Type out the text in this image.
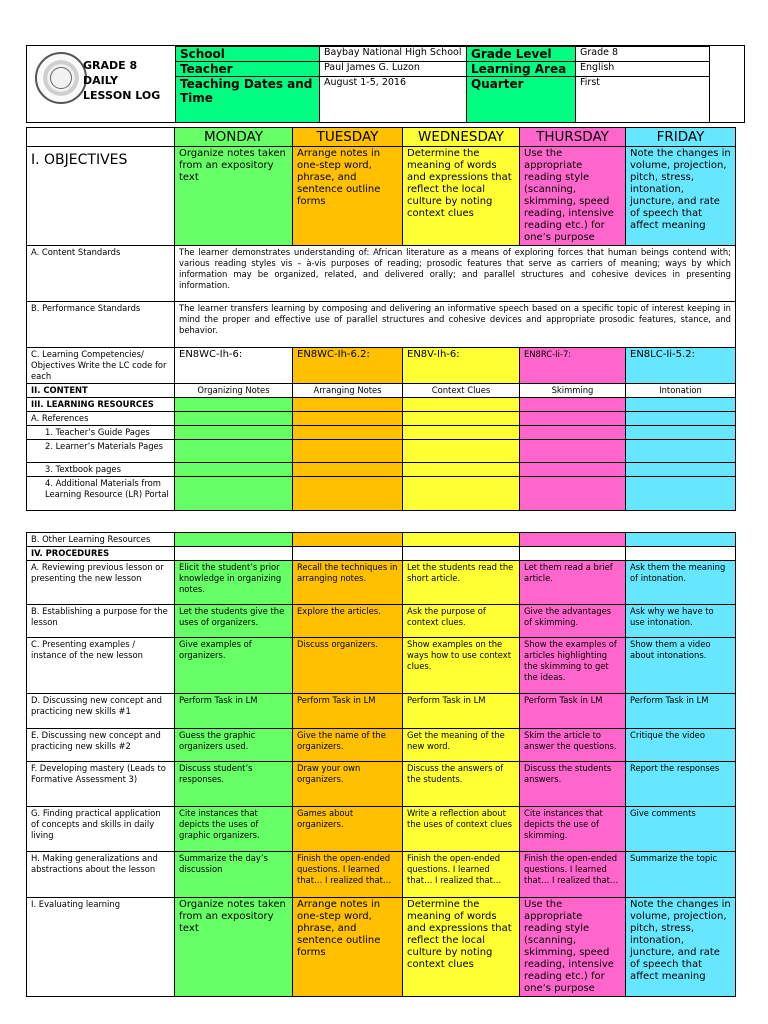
GRADE 8
DAILY
LESSON LOG
School	Baybay National High School	Grade Level	Grade 8
Teacher	Paul James G. Luzon	Learning Area	English
Teaching Dates and Time	August 1-5, 2016	Quarter	First
	MONDAY	TUESDAY	WEDNESDAY	THURSDAY	FRIDAY
I. OBJECTIVES	Organize notes taken from an expository text	Arrange notes in one-step word, phrase, and sentence outline forms	Determine the meaning of words and expressions that reflect the local culture by noting context clues	Use the appropriate reading style (scanning, skimming, speed reading, intensive reading etc.) for one’s purpose	Note the changes in volume, projection, pitch, stress, intonation, juncture, and rate of speech that affect meaning
A. Content Standards	The learner demonstrates understanding of: African literature as a means of exploring forces that human beings contend with; various reading styles vis – à-vis purposes of reading; prosodic features that serve as carriers of meaning; ways by which information may be organized, related, and delivered orally; and parallel structures and cohesive devices in presenting information.				
B. Performance Standards	The learner transfers learning by composing and delivering an informative speech based on a specific topic of interest keeping in mind the proper and effective use of parallel structures and cohesive devices and appropriate prosodic features, stance, and behavior.				
C. Learning Competencies/ Objectives Write the LC code for each	EN8WC-Ih-6:	EN8WC-Ih-6.2:	EN8V-Ih-6:	EN8RC-Ii-7:	EN8LC-Ii-5.2:
II. CONTENT	Organizing Notes	Arranging Notes	Context Clues	Skimming	Intonation
III. LEARNING RESOURCES					
A. References					
1. Teacher’s Guide Pages					
2. Learner’s Materials Pages					
3. Textbook pages					
4. Additional Materials from Learning Resource (LR) Portal					
B. Other Learning Resources					
IV. PROCEDURES					
A. Reviewing previous lesson or presenting the new lesson	Elicit the student’s prior knowledge in organizing notes.	Recall the techniques in arranging notes.	Let the students read the short article.	Let them read a brief article.	Ask them the meaning of intonation.
B. Establishing a purpose for the lesson	Let the students give the uses of organizers.	Explore the articles.	Ask the purpose of context clues.	Give the advantages of skimming.	Ask why we have to use intonation.
C. Presenting examples / instance of the new lesson	Give examples of organizers.	Discuss organizers.	Show examples on the ways how to use context clues.	Show the examples of articles highlighting the skimming to get the ideas.	Show them a video about intonations.
D. Discussing new concept and practicing new skills #1	Perform Task in LM	Perform Task in LM	Perform Task in LM	Perform Task in LM	Perform Task in LM
E. Discussing new concept and practicing new skills #2	Guess the graphic organizers used.	Give the name of the organizers.	Get the meaning of the new word.	Skim the article to answer the questions.	Critique the video
F. Developing mastery (Leads to Formative Assessment 3)	Discuss student’s responses.	Draw your own organizers.	Discuss the answers of the students.	Discuss the students answers.	Report the responses
G. Finding practical application of concepts and skills in daily living	Cite instances that depicts the uses of graphic organizers.	Games about organizers.	Write a reflection about the uses of context clues	Cite instances that depicts the use of skimming.	Give comments
H. Making generalizations and abstractions about the lesson	Summarize the day’s discussion	Finish the open-ended questions. I learned that… I realized that…	Finish the open-ended questions. I learned that… I realized that…	Finish the open-ended questions. I learned that… I realized that…	Summarize the topic
I. Evaluating learning	Organize notes taken from an expository text	Arrange notes in one-step word, phrase, and sentence outline forms	Determine the meaning of words and expressions that reflect the local culture by noting context clues	Use the appropriate reading style (scanning, skimming, speed reading, intensive reading etc.) for one’s purpose	Note the changes in volume, projection, pitch, stress, intonation, juncture, and rate of speech that affect meaning
